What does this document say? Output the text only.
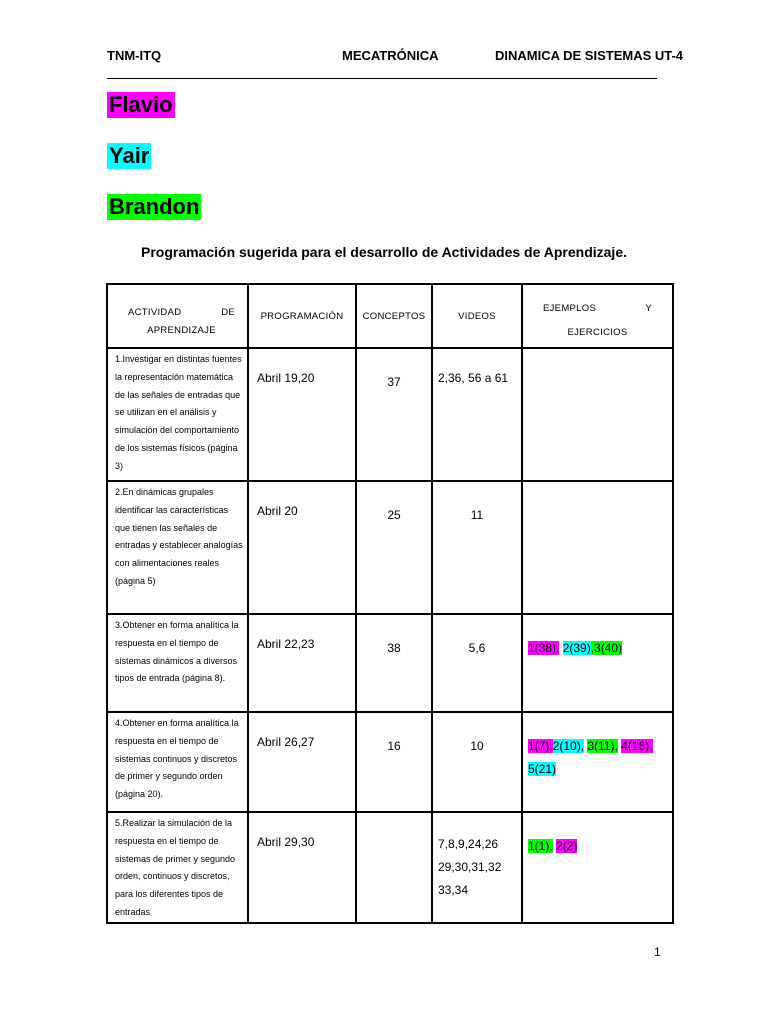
TNM-ITQ	MECATRÓNICA	DINAMICA DE SISTEMAS UT-4
Flavio
Yair
Brandon
Programación sugerida para el desarrollo de Actividades de Aprendizaje.
ACTIVIDAD DE
APRENDIZAJE	PROGRAMACIÓN	CONCEPTOS	VIDEOS	EJEMPLOS Y
EJERCICIOS

1.Investigar en distintas fuentes la representación matemática de las señales de entradas que se utilizan en el análisis y simulación del comportamiento de los sistemas físicos (página 3)	Abril 19,20	37	2,36, 56 a 61	
2.En dinámicas grupales identificar las características que tienen las señales de entradas y establecer analogías con alimentaciones reales (página 5)	Abril 20	25	11	
3.Obtener en forma analítica la respuesta en el tiempo de sistemas dinámicos a diversos tipos de entrada (página 8).	Abril 22,23	38	5,6	1(38), 2(39),3(40)
4.Obtener en forma analítica la respuesta en el tiempo de sistemas continuos y discretos de primer y segundo orden (página 20).	Abril 26,27	16	10	1(7),2(10), 3(11), 4(16),
5(21)
5.Realizar la simulación de la respuesta en el tiempo de sistemas de primer y segundo orden, continuos y discretos, para los diferentes tipos de entradas	Abril 29,30		7,8,9,24,26
29,30,31,32
33,34	1(1), 2(2)
1
